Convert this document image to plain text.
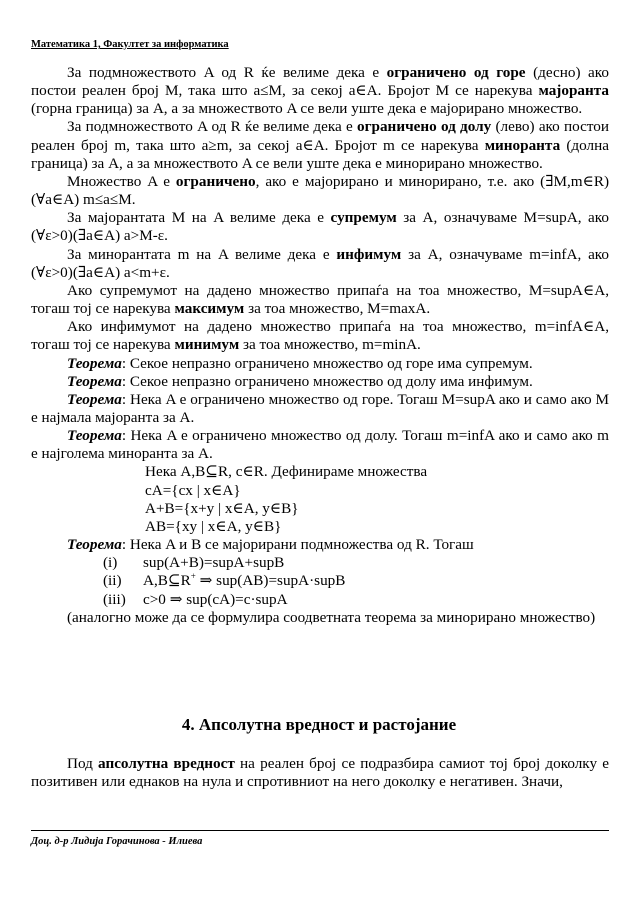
Математика 1, Факултет за информатика

За подмножеството A од R ќе велиме дека е ограничено од горе (десно) ако постои реален број M, така што a≤M, за секој a∈A. Бројот M се нарекува мајоранта (горна граница) за A, а за множеството A се вели уште дека е мајорирано множество.

За подмножеството A од R ќе велиме дека е ограничено од долу (лево) ако постои реален број m, така што a≥m, за секој a∈A. Бројот m се нарекува миноранта (долна граница) за A, а за множеството A се вели уште дека е минорирано множество.

Множество A е ограничено, ако е мајорирано и минорирано, т.е. ако (∃M,m∈R)(∀a∈A) m≤a≤M.

За мајорантата M на A велиме дека е супремум за A, означуваме M=supA, ако (∀ε>0)(∃a∈A) a>M-ε.

За минорантата m на A велиме дека е инфимум за A, означуваме m=infA, ако (∀ε>0)(∃a∈A) a<m+ε.

Ако супремумот на дадено множество припаѓа на тоа множество, M=supA∈A, тогаш тој се нарекува максимум за тоа множество, M=maxA.

Ако инфимумот на дадено множество припаѓа на тоа множество, m=infA∈A, тогаш тој се нарекува минимум за тоа множество, m=minA.

Теорема: Секое непразно ограничено множество од горе има супремум.

Теорема: Секое непразно ограничено множество од долу има инфимум.

Теорема: Нека A е ограничено множество од горе. Тогаш M=supA ако и само ако M е најмала мајоранта за A.

Теорема: Нека A е ограничено множество од долу. Тогаш m=infA ако и само ако m е најголема миноранта за A.

Нека A,B⊆R, c∈R. Дефинираме множества

cA={cx | x∈A}

A+B={x+y | x∈A, y∈B}

AB={xy | x∈A, y∈B}

Теорема: Нека A и B се мајорирани подмножества од R. Тогаш

(i)	sup(A+B)=supA+supB
(ii)	A,B⊆R+ ⇒ sup(AB)=supA·supB
(iii)	c>0 ⇒ sup(cA)=c·supA

(аналогно може да се формулира соодветната теорема за минорирано множество)

4. Апсолутна вредност и растојание

Под апсолутна вредност на реален број се подразбира самиот тој број доколку е позитивен или еднаков на нула и спротивниот на него доколку е негативен. Значи,

Доц. д-р Лидија Горачинова - Илиева
